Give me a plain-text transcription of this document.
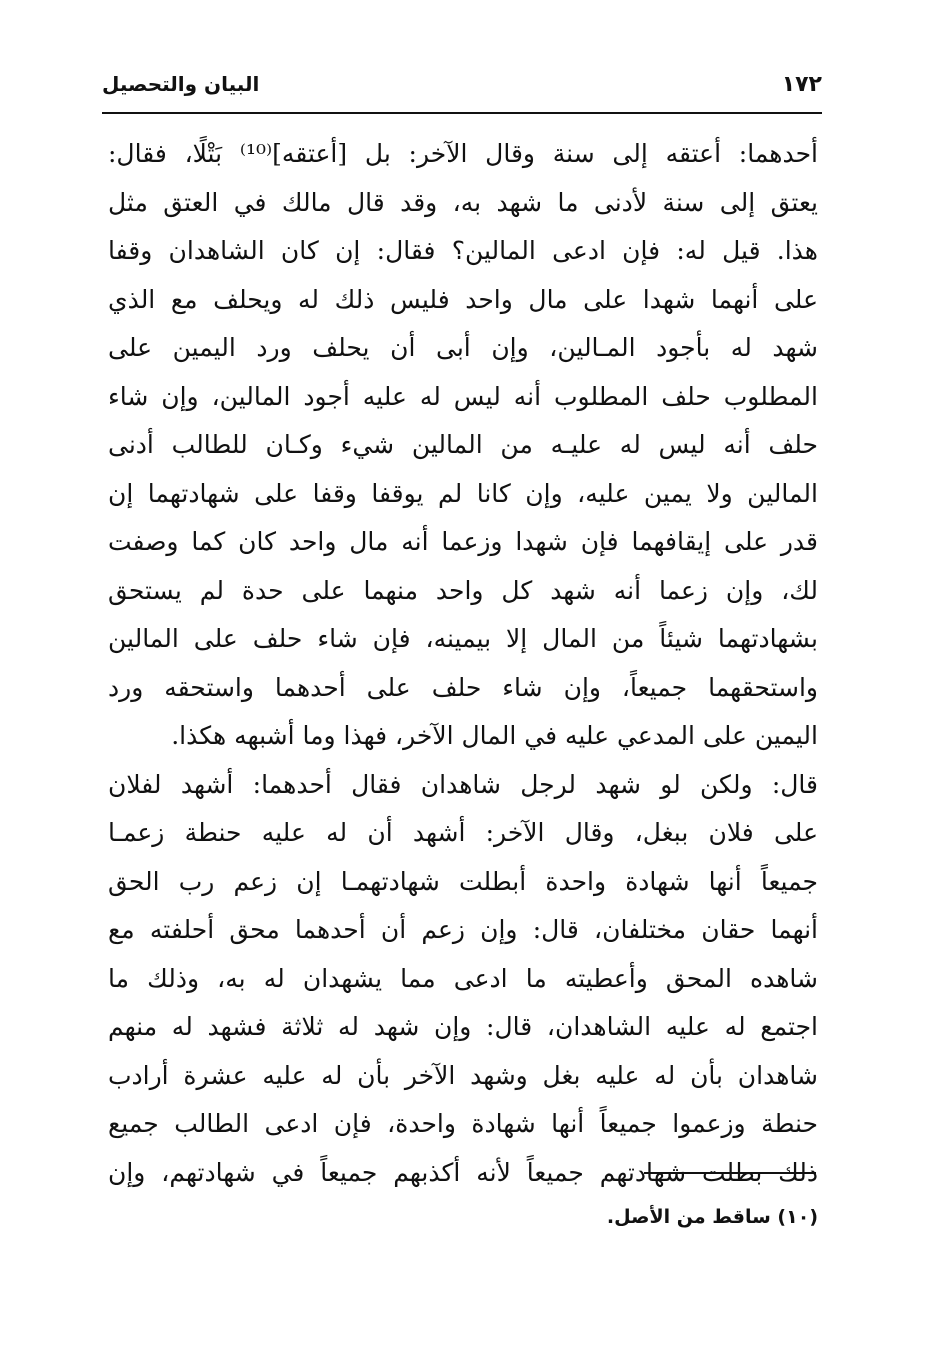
١٧٢
البيان والتحصيل
أحدهما: أعتقه إلى سنة وقال الآخر: بل [أعتقه]⁽¹⁰⁾ بَتْلًا، فقال:
يعتق إلى سنة لأدنى ما شهد به، وقد قال مالك في العتق مثل
هذا. قيل له: فإن ادعى المالين؟ فقال: إن كان الشاهدان وقفا
على أنهما شهدا على مال واحد فليس ذلك له ويحلف مع الذي
شهد له بأجود المـالين، وإن أبى أن يحلف ورد اليمين على
المطلوب حلف المطلوب أنه ليس له عليه أجود المالين، وإن شاء
حلف أنه ليس له عليـه من المالين شيء وكـان للطالب أدنى
المالين ولا يمين عليه، وإن كانا لم يوقفا وقفا على شهادتهما إن
قدر على إيقافهما فإن شهدا وزعما أنه مال واحد كان كما وصفت
لك، وإن زعما أنه شهد كل واحد منهما على حدة لم يستحق
بشهادتهما شيئاً من المال إلا بيمينه، فإن شاء حلف على المالين
واستحقهما جميعاً، وإن شاء حلف على أحدهما واستحقه ورد
اليمين على المدعي عليه في المال الآخر، فهذا وما أشبهه هكذا.
قال: ولكن لو شهد لرجل شاهدان فقال أحدهما: أشهد لفلان
على فلان ببغل، وقال الآخر: أشهد أن له عليه حنطة زعمـا
جميعاً أنها شهادة واحدة أبطلت شهادتهمـا إن زعم رب الحق
أنهما حقان مختلفان، قال: وإن زعم أن أحدهما محق أحلفته مع
شاهده المحق وأعطيته ما ادعى مما يشهدان له به، وذلك ما
اجتمع له عليه الشاهدان، قال: وإن شهد له ثلاثة فشهد له منهم
شاهدان بأن له عليه بغل وشهد الآخر بأن له عليه عشرة أرادب
حنطة وزعموا جميعاً أنها شهادة واحدة، فإن ادعى الطالب جميع
ذلك بطلت شهادتهم جميعاً لأنه أكذبهم جميعاً في شهادتهم، وإن
(١٠) ساقط من الأصل.
